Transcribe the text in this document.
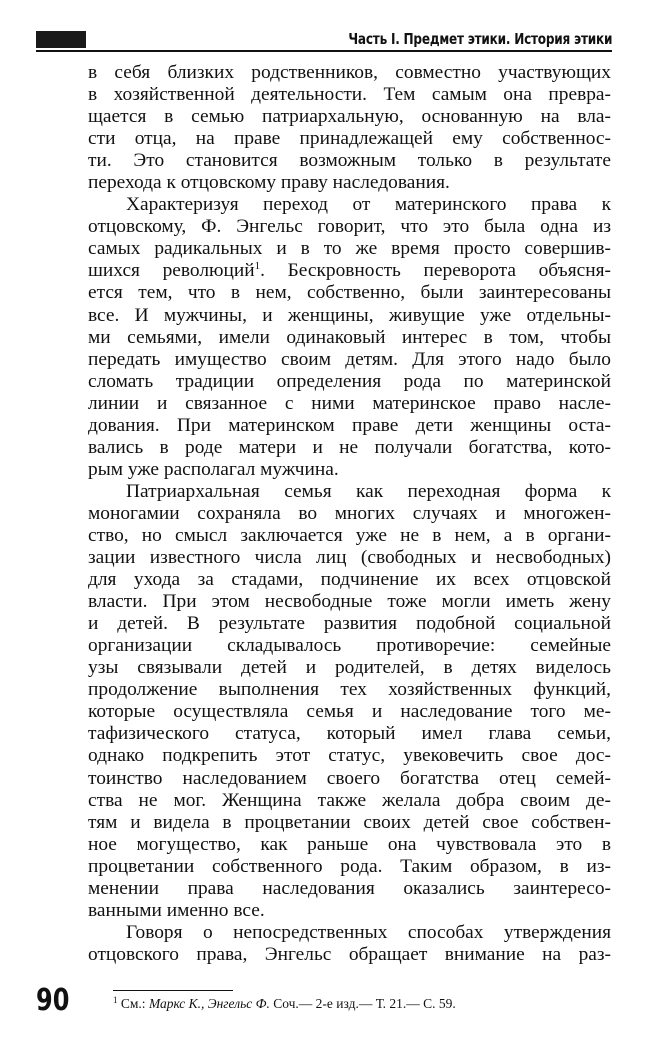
Часть I. Предмет этики. История этики
в себя близких родственников, совместно участвующих
в хозяйственной деятельности. Тем самым она превра-
щается в семью патриархальную, основанную на вла-
сти отца, на праве принадлежащей ему собственнос-
ти. Это становится возможным только в результате
перехода к отцовскому праву наследования.
Характеризуя переход от материнского права к
отцовскому, Ф. Энгельс говорит, что это была одна из
самых радикальных и в то же время просто совершив-
шихся революций$^1$. Бескровность переворота объясня-
ется тем, что в нем, собственно, были заинтересованы
все. И мужчины, и женщины, живущие уже отдельны-
ми семьями, имели одинаковый интерес в том, чтобы
передать имущество своим детям. Для этого надо было
сломать традиции определения рода по материнской
линии и связанное с ними материнское право насле-
дования. При материнском праве дети женщины оста-
вались в роде матери и не получали богатства, кото-
рым уже располагал мужчина.
Патриархальная семья как переходная форма к
моногамии сохраняла во многих случаях и многожен-
ство, но смысл заключается уже не в нем, а в органи-
зации известного числа лиц (свободных и несвободных)
для ухода за стадами, подчинение их всех отцовской
власти. При этом несвободные тоже могли иметь жену
и детей. В результате развития подобной социальной
организации складывалось противоречие: семейные
узы связывали детей и родителей, в детях виделось
продолжение выполнения тех хозяйственных функций,
которые осуществляла семья и наследование того ме-
тафизического статуса, который имел глава семьи,
однако подкрепить этот статус, увековечить свое дос-
тоинство наследованием своего богатства отец семей-
ства не мог. Женщина также желала добра своим де-
тям и видела в процветании своих детей свое собствен-
ное могущество, как раньше она чувствовала это в
процветании собственного рода. Таким образом, в из-
менении права наследования оказались заинтересо-
ванными именно все.
Говоря о непосредственных способах утверждения
отцовского права, Энгельс обращает внимание на раз-
90	$^1$ См.: Маркс К., Энгельс Ф. Соч.— 2-е изд.— Т. 21.— С. 59.
